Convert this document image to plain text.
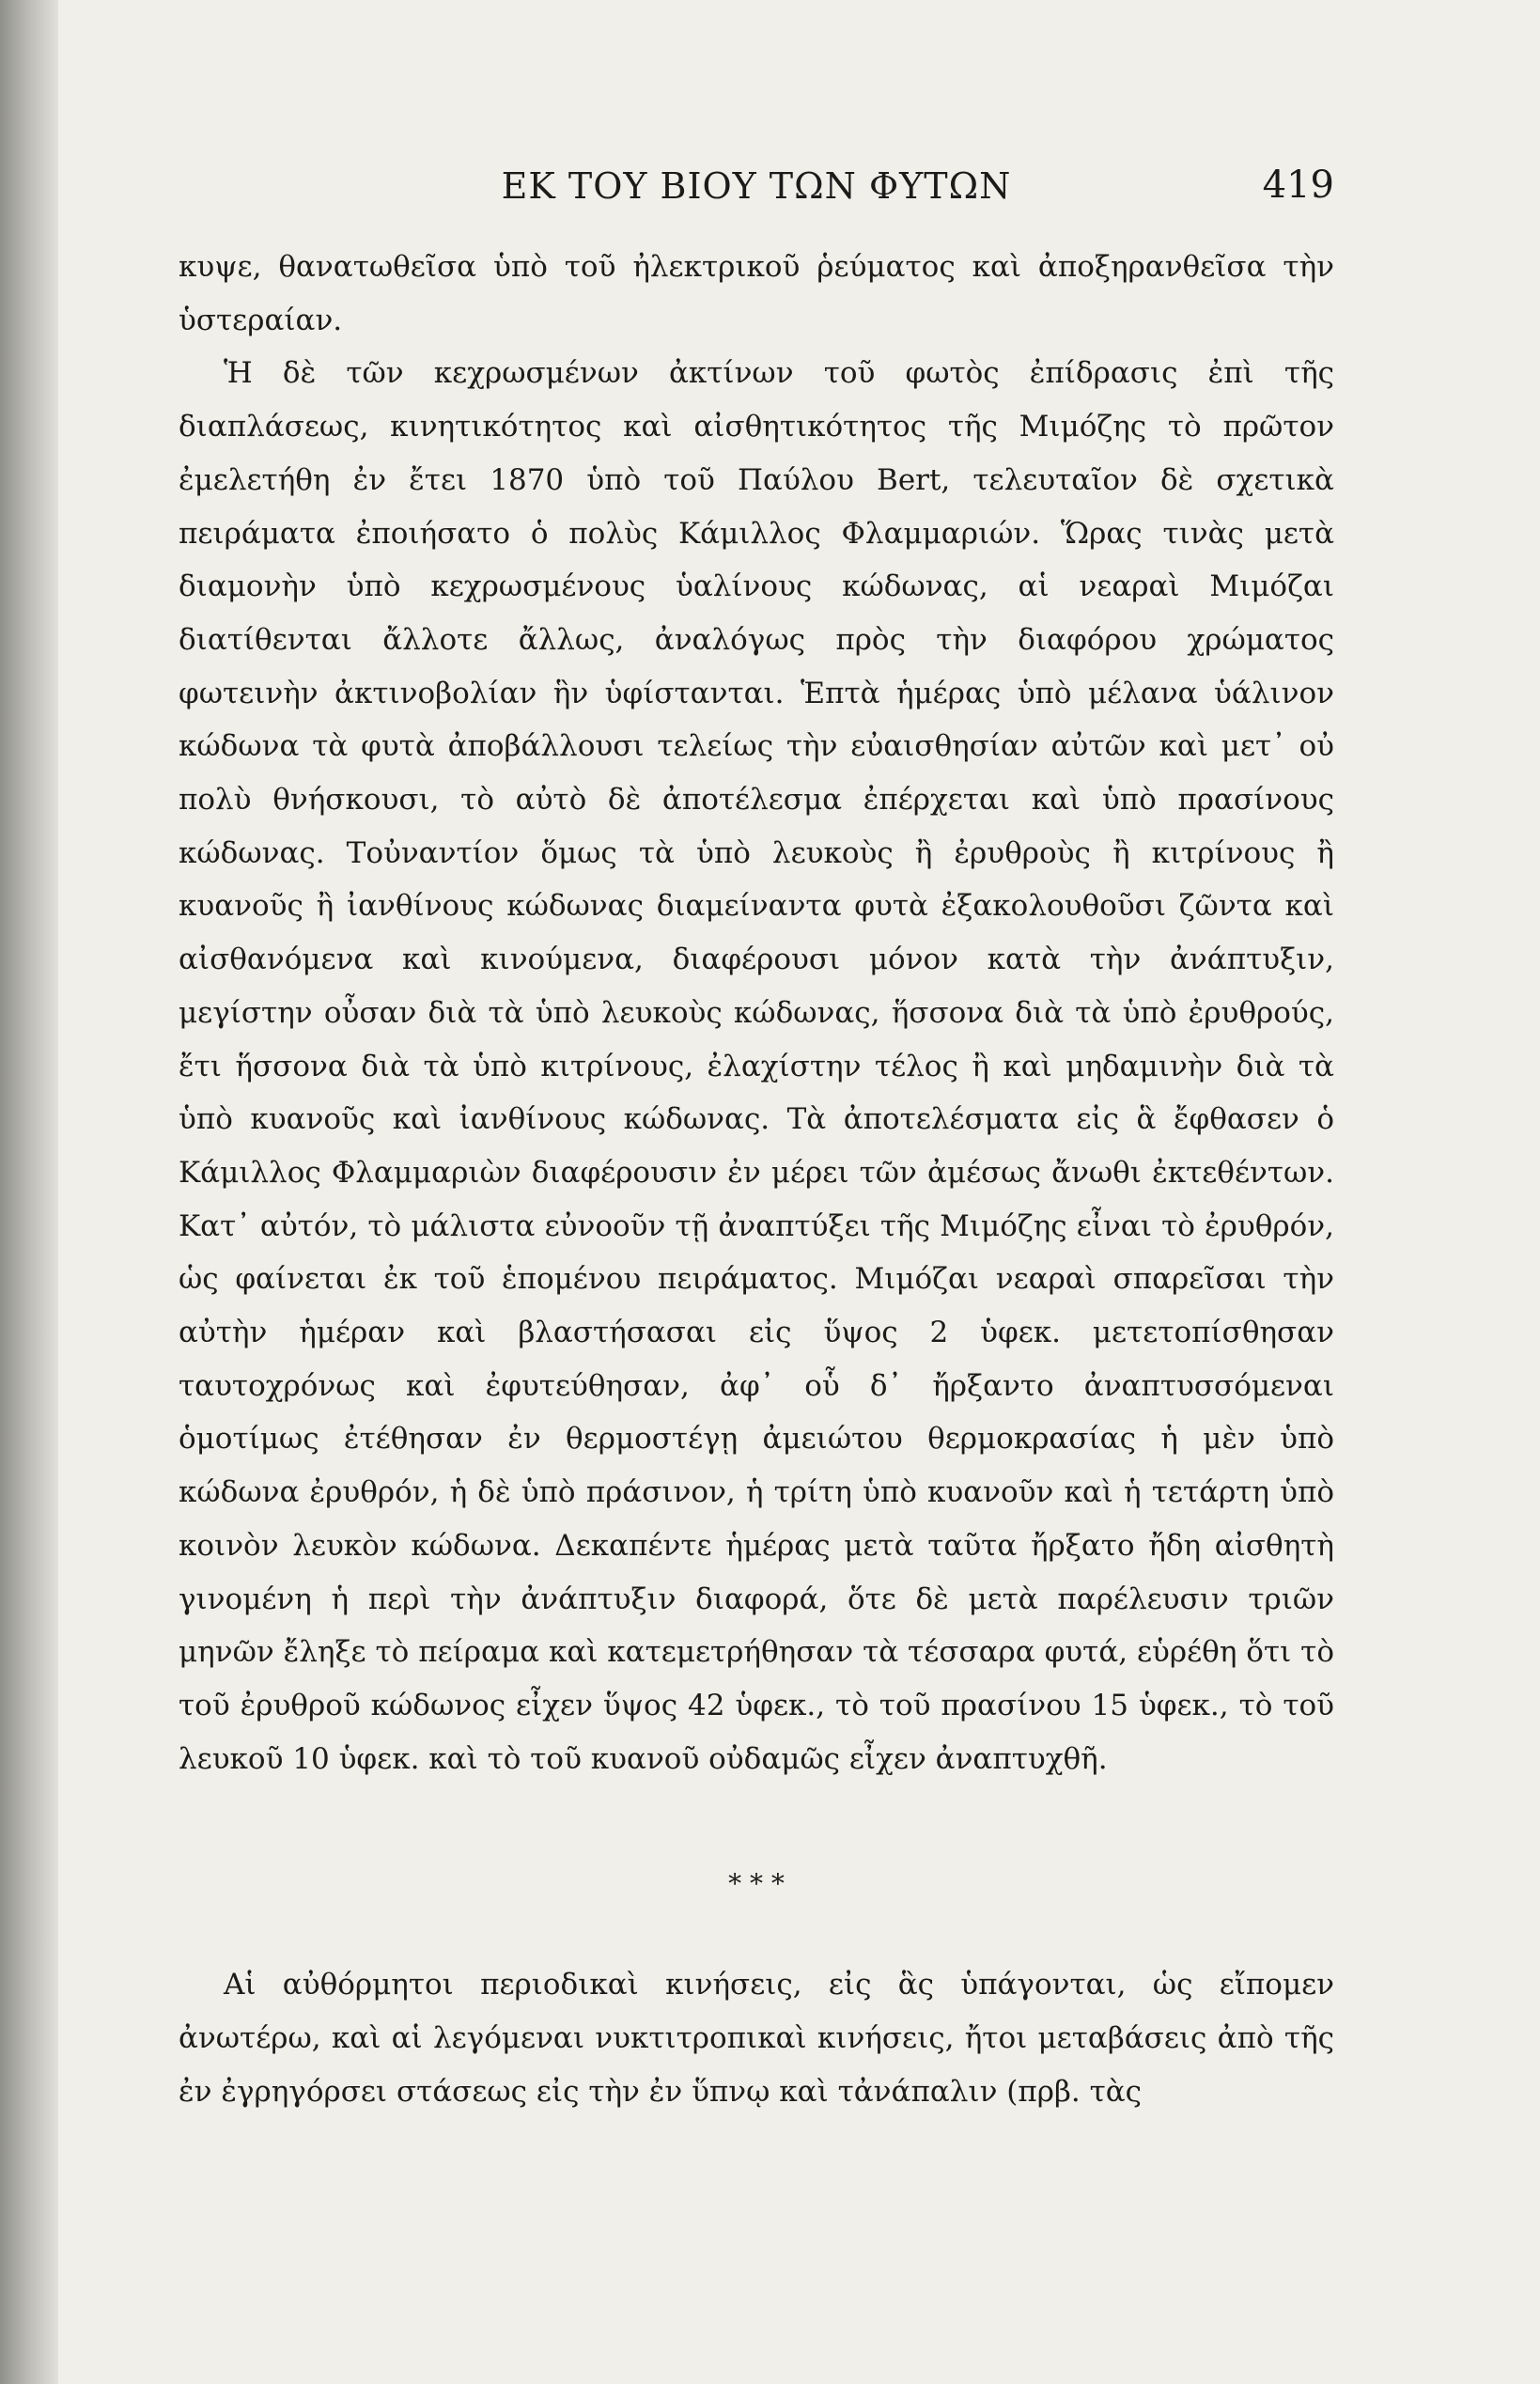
ΕΚ ΤΟΥ ΒΙΟΥ ΤΩΝ ΦΥΤΩΝ	419

κυψε, θανατωθεῖσα ὑπὸ τοῦ ἠλεκτρικοῦ ῥεύματος καὶ ἀποξηρανθεῖσα τὴν ὑστεραίαν.

Ἡ δὲ τῶν κεχρωσμένων ἀκτίνων τοῦ φωτὸς ἐπίδρασις ἐπὶ τῆς διαπλάσεως, κινητικότητος καὶ αἰσθητικότητος τῆς Μιμόζης τὸ πρῶτον ἐμελετήθη ἐν ἔτει 1870 ὑπὸ τοῦ Παύλου Bert, τελευταῖον δὲ σχετικὰ πειράματα ἐποιήσατο ὁ πολὺς Κάμιλλος Φλαμμαριών. Ὥρας τινὰς μετὰ διαμονὴν ὑπὸ κεχρωσμένους ὑαλίνους κώδωνας, αἱ νεαραὶ Μιμόζαι διατίθενται ἄλλοτε ἄλλως, ἀναλόγως πρὸς τὴν διαφόρου χρώματος φωτεινὴν ἀκτινοβολίαν ἣν ὑφίστανται. Ἑπτὰ ἡμέρας ὑπὸ μέλανα ὑάλινον κώδωνα τὰ φυτὰ ἀποβάλλουσι τελείως τὴν εὐαισθησίαν αὐτῶν καὶ μετ᾽ οὐ πολὺ θνήσκουσι, τὸ αὐτὸ δὲ ἀποτέλεσμα ἐπέρχεται καὶ ὑπὸ πρασίνους κώδωνας. Τοὐναντίον ὅμως τὰ ὑπὸ λευκοὺς ἢ ἐρυθροὺς ἢ κιτρίνους ἢ κυανοῦς ἢ ἰανθίνους κώδωνας διαμείναντα φυτὰ ἐξακολουθοῦσι ζῶντα καὶ αἰσθανόμενα καὶ κινούμενα, διαφέρουσι μόνον κατὰ τὴν ἀνάπτυξιν, μεγίστην οὖσαν διὰ τὰ ὑπὸ λευκοὺς κώδωνας, ἥσσονα διὰ τὰ ὑπὸ ἐρυθρούς, ἔτι ἥσσονα διὰ τὰ ὑπὸ κιτρίνους, ἐλαχίστην τέλος ἢ καὶ μηδαμινὴν διὰ τὰ ὑπὸ κυανοῦς καὶ ἰανθίνους κώδωνας. Τὰ ἀποτελέσματα εἰς ἃ ἔφθασεν ὁ Κάμιλλος Φλαμμαριὼν διαφέρουσιν ἐν μέρει τῶν ἀμέσως ἄνωθι ἐκτεθέντων. Κατ᾽ αὐτόν, τὸ μάλιστα εὐνοοῦν τῇ ἀναπτύξει τῆς Μιμόζης εἶναι τὸ ἐρυθρόν, ὡς φαίνεται ἐκ τοῦ ἑπομένου πειράματος. Μιμόζαι νεαραὶ σπαρεῖσαι τὴν αὐτὴν ἡμέραν καὶ βλαστήσασαι εἰς ὕψος 2 ὑφεκ. μετετοπίσθησαν ταυτοχρόνως καὶ ἐφυτεύθησαν, ἀφ᾽ οὗ δ᾽ ἤρξαντο ἀναπτυσσόμεναι ὁμοτίμως ἐτέθησαν ἐν θερμοστέγῃ ἀμειώτου θερμοκρασίας ἡ μὲν ὑπὸ κώδωνα ἐρυθρόν, ἡ δὲ ὑπὸ πράσινον, ἡ τρίτη ὑπὸ κυανοῦν καὶ ἡ τετάρτη ὑπὸ κοινὸν λευκὸν κώδωνα. Δεκαπέντε ἡμέρας μετὰ ταῦτα ἤρξατο ἤδη αἰσθητὴ γινομένη ἡ περὶ τὴν ἀνάπτυξιν διαφορά, ὅτε δὲ μετὰ παρέλευσιν τριῶν μηνῶν ἔληξε τὸ πείραμα καὶ κατεμετρήθησαν τὰ τέσσαρα φυτά, εὑρέθη ὅτι τὸ τοῦ ἐρυθροῦ κώδωνος εἶχεν ὕψος 42 ὑφεκ., τὸ τοῦ πρασίνου 15 ὑφεκ., τὸ τοῦ λευκοῦ 10 ὑφεκ. καὶ τὸ τοῦ κυανοῦ οὐδαμῶς εἶχεν ἀναπτυχθῆ.

* * *

Αἱ αὐθόρμητοι περιοδικαὶ κινήσεις, εἰς ἃς ὑπάγονται, ὡς εἴπομεν ἀνωτέρω, καὶ αἱ λεγόμεναι νυκτιτροπικαὶ κινήσεις, ἤτοι μεταβάσεις ἀπὸ τῆς ἐν ἐγρηγόρσει στάσεως εἰς τὴν ἐν ὕπνῳ καὶ τἀνάπαλιν (πρβ. τὰς
